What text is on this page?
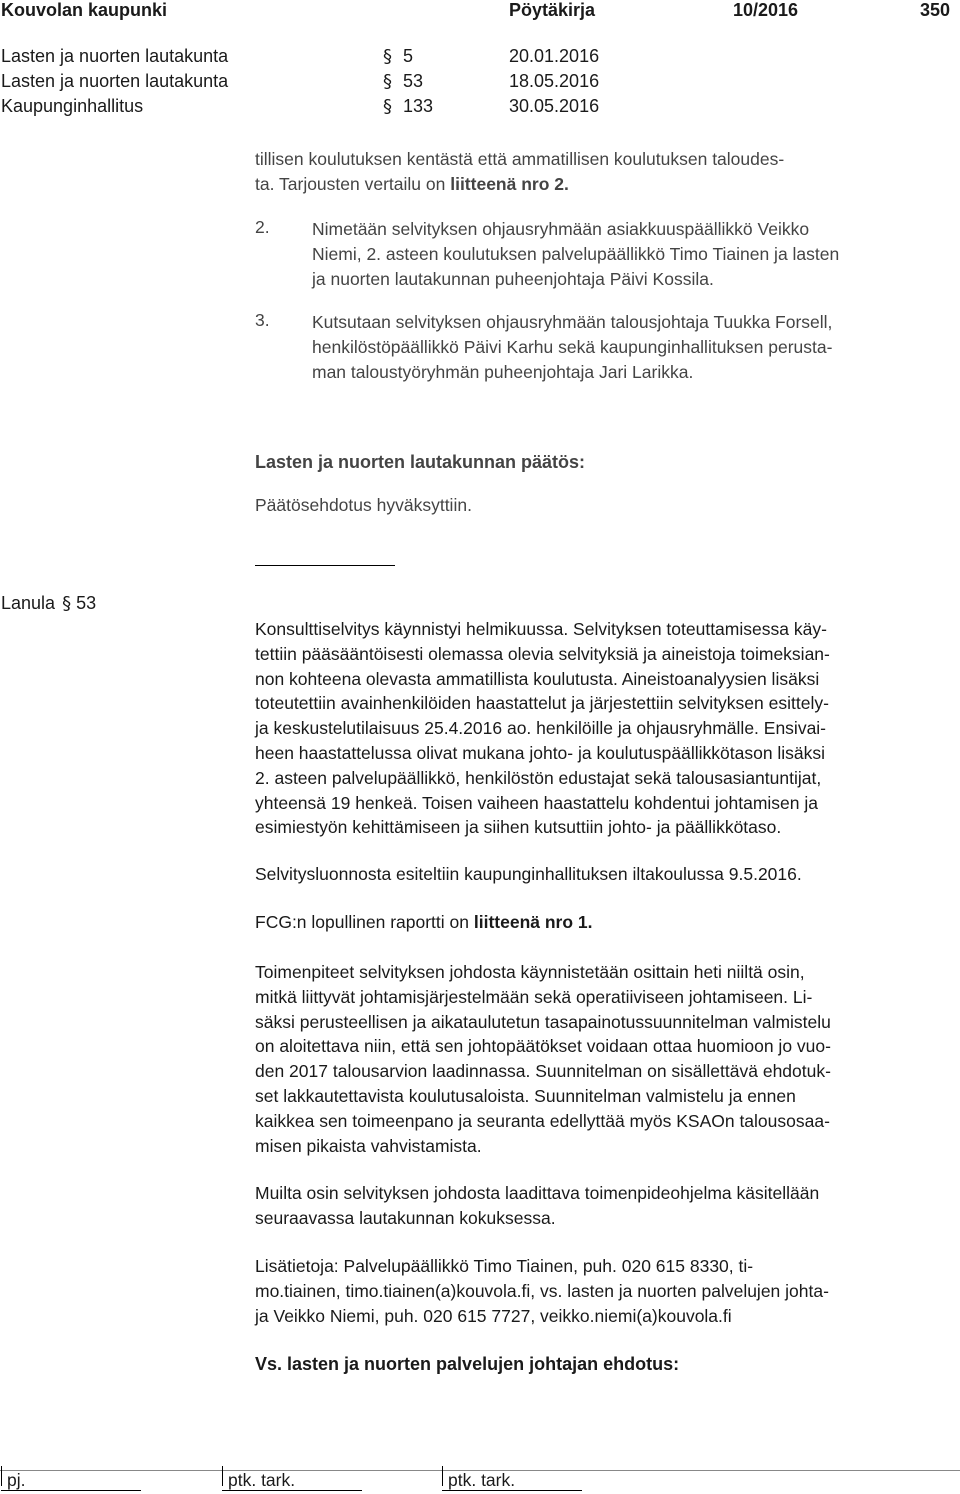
Kouvolan kaupunki	Pöytäkirja	10/2016	350
Lasten ja nuorten lautakunta	§ 5	20.01.2016
Lasten ja nuorten lautakunta	§ 53	18.05.2016
Kaupunginhallitus	§ 133	30.05.2016
tillisen koulutuksen kentästä että ammatillisen koulutuksen taloudes-
ta. Tarjousten vertailu on liitteenä nro 2.
2. Nimetään selvityksen ohjausryhmään asiakkuuspäällikkö Veikko
Niemi, 2. asteen koulutuksen palvelupäällikkö Timo Tiainen ja lasten
ja nuorten lautakunnan puheenjohtaja Päivi Kossila.
3. Kutsutaan selvityksen ohjausryhmään talousjohtaja Tuukka Forsell,
henkilöstöpäällikkö Päivi Karhu sekä kaupunginhallituksen perusta-
man taloustyöryhmän puheenjohtaja Jari Larikka.
Lasten ja nuorten lautakunnan päätös:
Päätösehdotus hyväksyttiin.
Lanula § 53
Konsulttiselvitys käynnistyi helmikuussa. Selvityksen toteuttamisessa käy-
tettiin pääsääntöisesti olemassa olevia selvityksiä ja aineistoja toimeksian-
non kohteena olevasta ammatillista koulutusta. Aineistoanalyysien lisäksi
toteutettiin avainhenkilöiden haastattelut ja järjestettiin selvityksen esittely-
ja keskustelutilaisuus 25.4.2016 ao. henkilöille ja ohjausryhmälle. Ensivai-
heen haastattelussa olivat mukana johto- ja koulutuspäällikkötason lisäksi
2. asteen palvelupäällikkö, henkilöstön edustajat sekä talousasiantuntijat,
yhteensä 19 henkeä. Toisen vaiheen haastattelu kohdentui johtamisen ja
esimiestyön kehittämiseen ja siihen kutsuttiin johto- ja päällikkötaso.
Selvitysluonnosta esiteltiin kaupunginhallituksen iltakoulussa 9.5.2016.
FCG:n lopullinen raportti on liitteenä nro 1.
Toimenpiteet selvityksen johdosta käynnistetään osittain heti niiltä osin,
mitkä liittyvät johtamisjärjestelmään sekä operatiiviseen johtamiseen. Li-
säksi perusteellisen ja aikataulutetun tasapainotussuunnitelman valmistelu
on aloitettava niin, että sen johtopäätökset voidaan ottaa huomioon jo vuo-
den 2017 talousarvion laadinnassa. Suunnitelman on sisällettävä ehdotuk-
set lakkautettavista koulutusaloista. Suunnitelman valmistelu ja ennen
kaikkea sen toimeenpano ja seuranta edellyttää myös KSAOn talousosaa-
misen pikaista vahvistamista.
Muilta osin selvityksen johdosta laadittava toimenpideohjelma käsitellään
seuraavassa lautakunnan kokuksessa.
Lisätietoja: Palvelupäällikkö Timo Tiainen, puh. 020 615 8330, ti-
mo.tiainen, timo.tiainen(a)kouvola.fi, vs. lasten ja nuorten palvelujen johta-
ja Veikko Niemi, puh. 020 615 7727, veikko.niemi(a)kouvola.fi
Vs. lasten ja nuorten palvelujen johtajan ehdotus:
pj.	ptk. tark.	ptk. tark.
